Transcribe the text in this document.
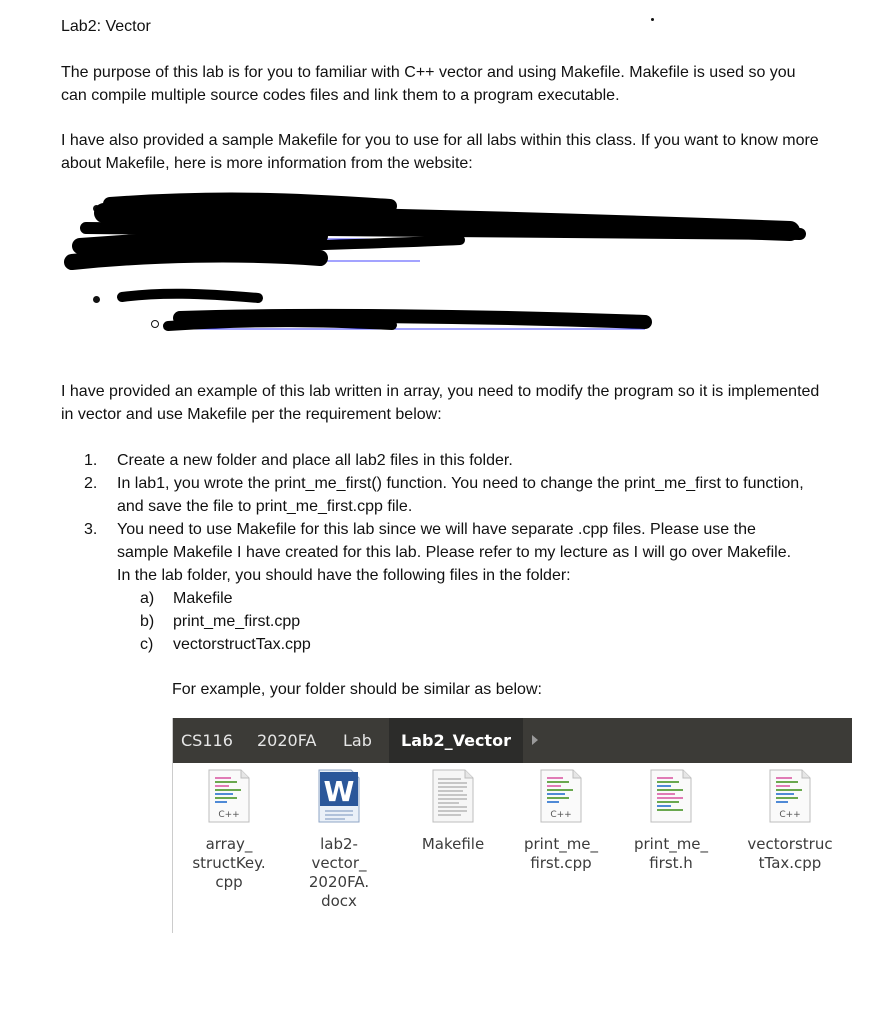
Lab2: Vector
The purpose of this lab is for you to familiar with C++ vector and using Makefile. Makefile is used so you can compile multiple source codes files and link them to a program executable.
I have also provided a sample Makefile for you to use for all labs within this class. If you want to know more about Makefile, here is more information from the website:
I have provided an example of this lab written in array, you need to modify the program so it is implemented in vector and use Makefile per the requirement below:
1. Create a new folder and place all lab2 files in this folder.
2. In lab1, you wrote the print_me_first() function. You need to change the print_me_first to function, and save the file to print_me_first.cpp file.
3. You need to use Makefile for this lab since we will have separate .cpp files. Please use the sample Makefile I have created for this lab. Please refer to my lecture as I will go over Makefile. In the lab folder, you should have the following files in the folder:
a) Makefile
b) print_me_first.cpp
c) vectorstructTax.cpp
For example, your folder should be similar as below:
CS116 2020FA Lab	Lab2_Vector
C++
array_
structKey.
cpp
W
lab2-
vector_
2020FA.
docx
Makefile
C++
print_me_
first.cpp
print_me_
first.h
C++
vectorstruc
tTax.cpp
